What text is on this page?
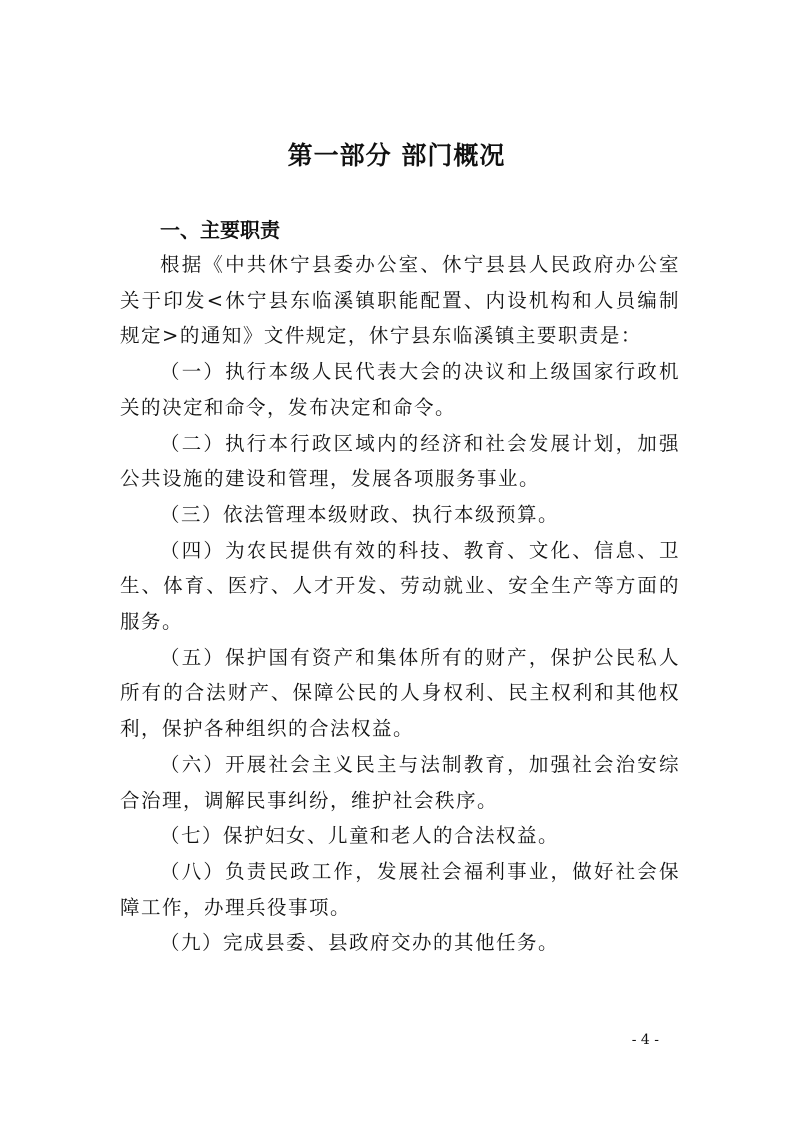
第一部分 部门概况
一、主要职责

根据《中共休宁县委办公室、休宁县县人民政府办公室关于印发<休宁县东临溪镇职能配置、内设机构和人员编制规定>的通知》文件规定，休宁县东临溪镇主要职责是：

（一）执行本级人民代表大会的决议和上级国家行政机关的决定和命令，发布决定和命令。

（二）执行本行政区域内的经济和社会发展计划，加强公共设施的建设和管理，发展各项服务事业。

（三）依法管理本级财政、执行本级预算。

（四）为农民提供有效的科技、教育、文化、信息、卫生、体育、医疗、人才开发、劳动就业、安全生产等方面的服务。

（五）保护国有资产和集体所有的财产，保护公民私人所有的合法财产、保障公民的人身权利、民主权利和其他权利，保护各种组织的合法权益。

（六）开展社会主义民主与法制教育，加强社会治安综合治理，调解民事纠纷，维护社会秩序。

（七）保护妇女、儿童和老人的合法权益。

（八）负责民政工作，发展社会福利事业，做好社会保障工作，办理兵役事项。

（九）完成县委、县政府交办的其他任务。

- 4 -
